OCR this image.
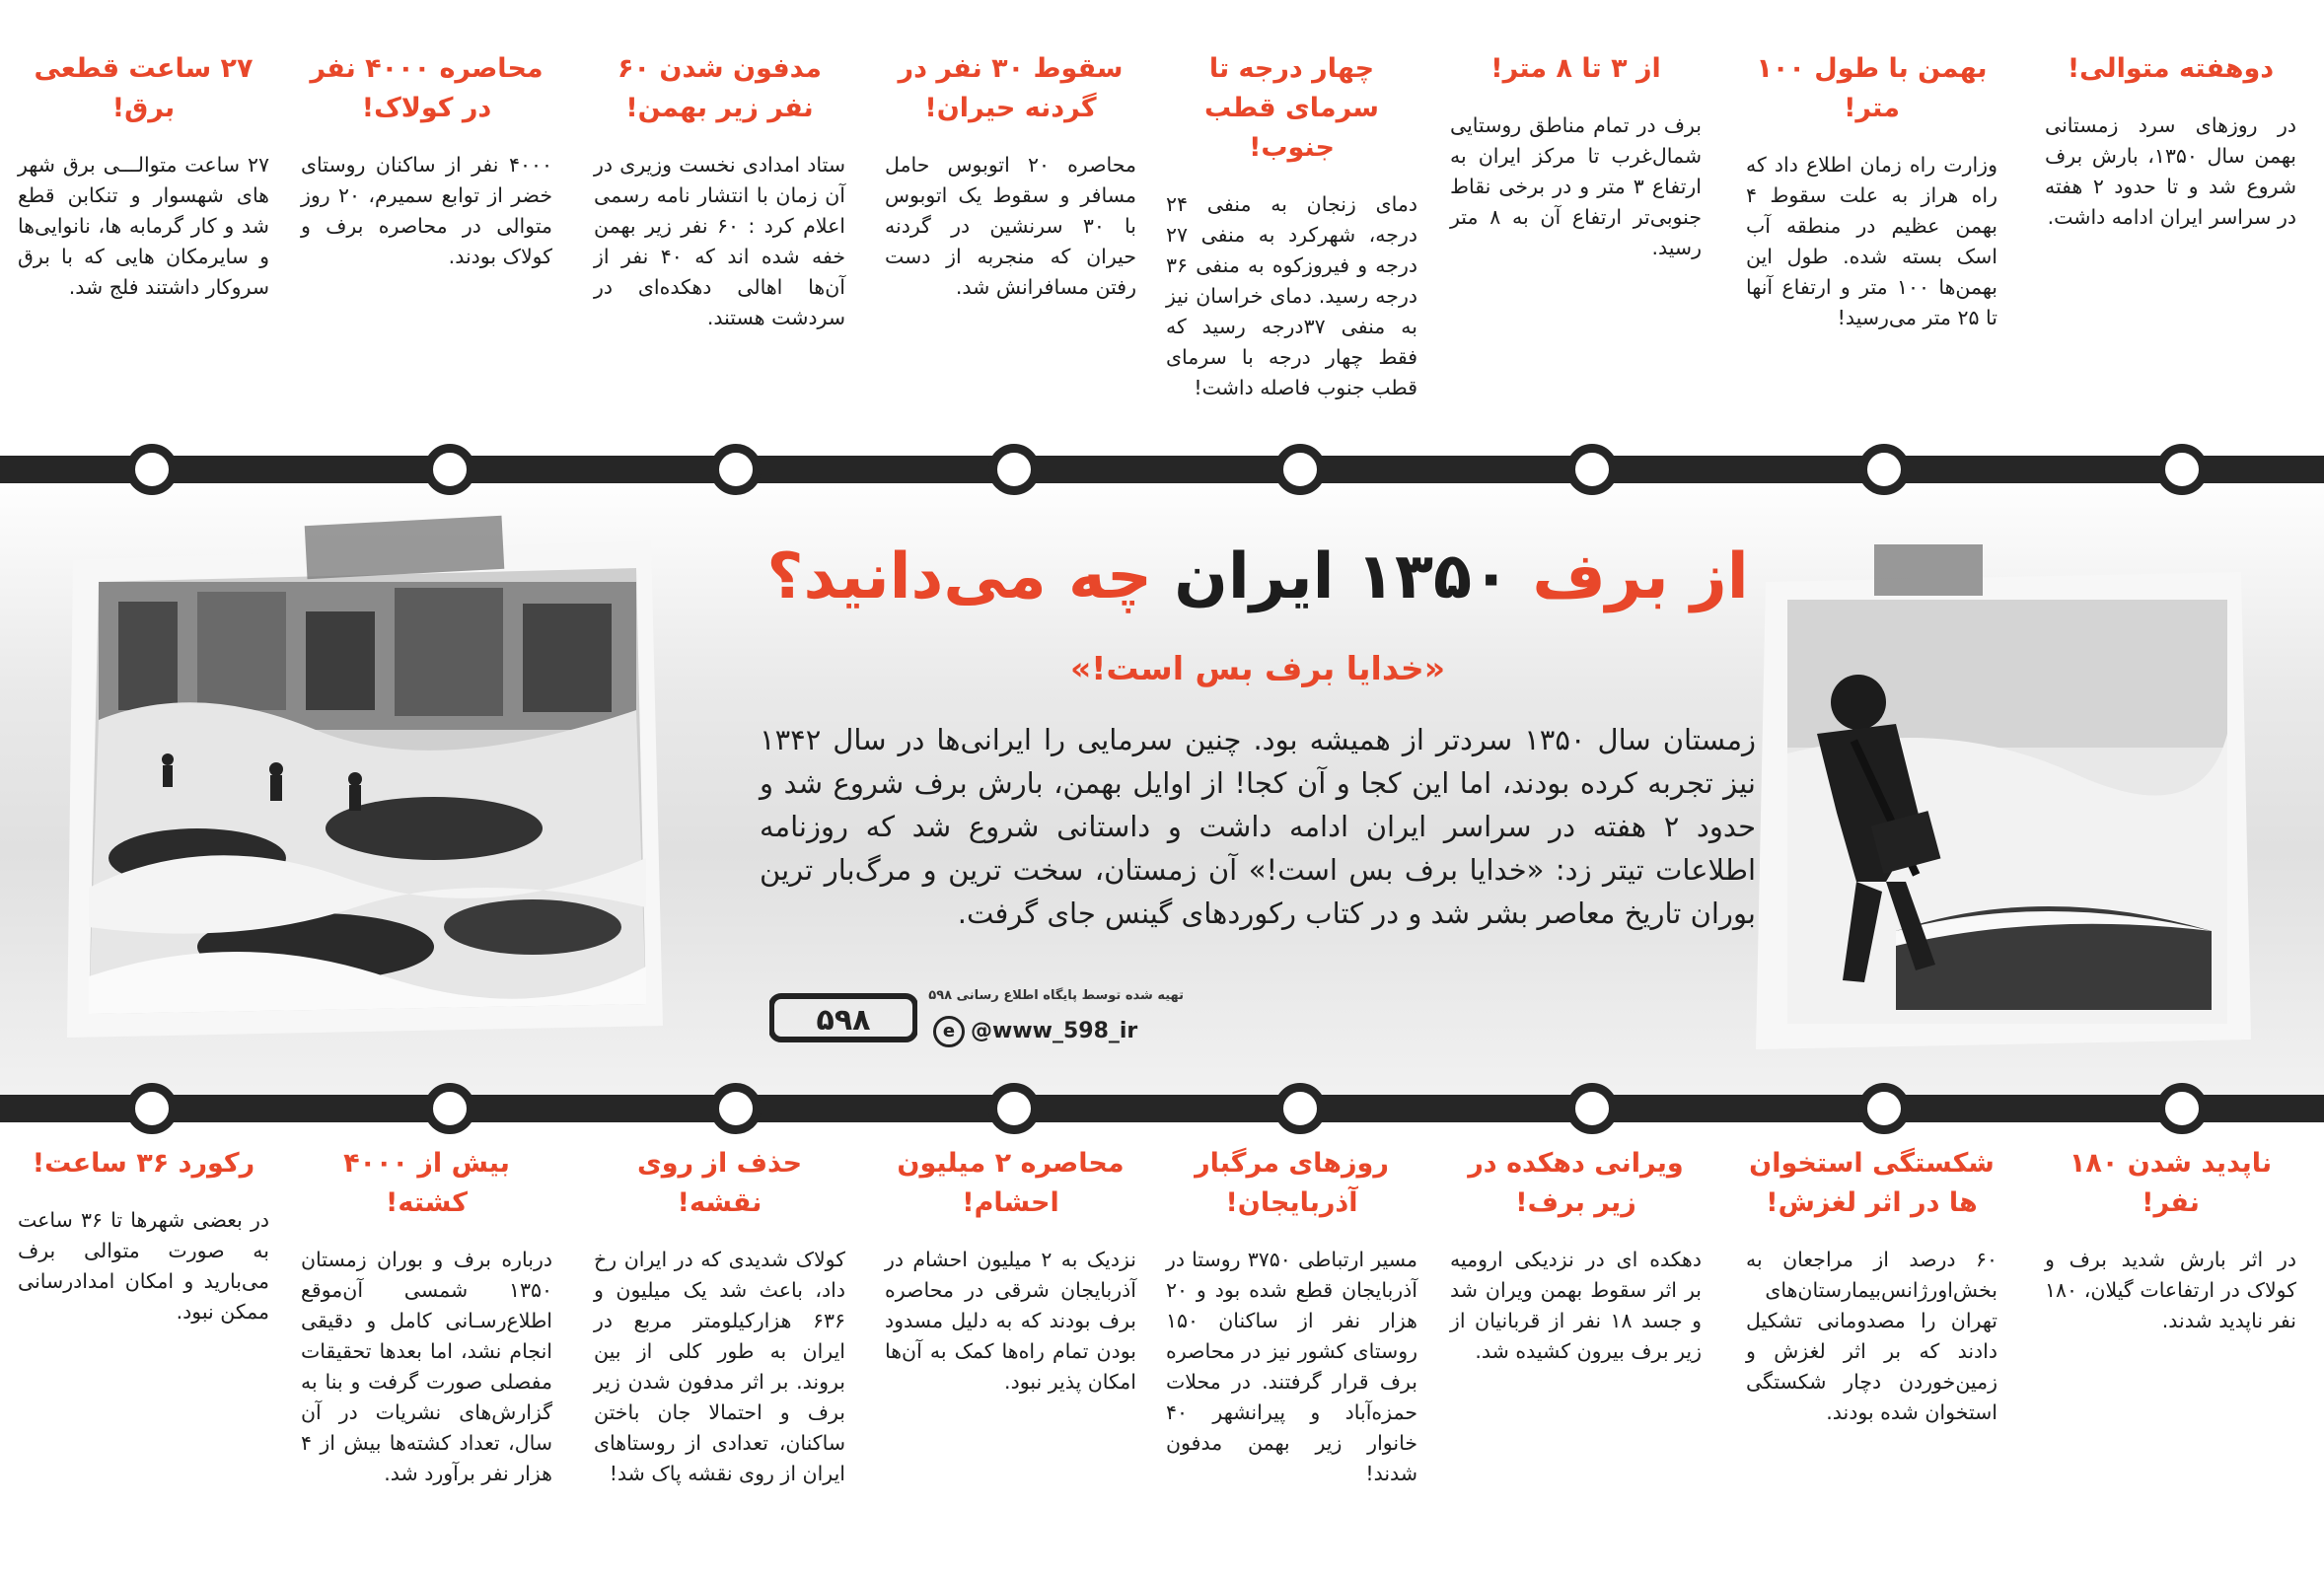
دوهفته متوالی!
در روزهای سرد زمستانی بهمن سال ۱۳۵۰، بارش برف شروع شد و تا حدود ۲ هفته در سراسر ایران ادامه داشت.
بهمن با طول ۱۰۰ متر!
وزارت راه زمان اطلاع داد که راه هراز به علت سقوط ۴ بهمن عظیم در منطقه آب اسک بسته شده. طول این بهمن‌ها ۱۰۰ متر و ارتفاع آنها تا ۲۵ متر می‌رسید!
از ۳ تا ۸ متر!
برف در تمام مناطق روستایی شمال‌غرب تا مرکز ایران به ارتفاع ۳ متر و در برخی نقاط جنوبی‌تر ارتفاع آن به ۸ متر رسید.
چهار درجه تا سرمای قطب جنوب!
دمای زنجان به منفی ۲۴ درجه، شهرکرد به منفی ۲۷ درجه و فیروزکوه به منفی ۳۶ درجه رسید. دمای خراسان نیز به منفی ۳۷درجه رسید که فقط چهار درجه با سرمای قطب جنوب فاصله داشت!
سقوط ۳۰ نفر در گردنه حیران!
محاصره ۲۰ اتوبوس حامل مسافر و سقوط یک اتوبوس با ۳۰ سرنشین در گردنه حیران که منجربه از دست رفتن مسافرانش شد.
مدفون شدن ۶۰ نفر زیر بهمن!
ستاد امدادی نخست وزیری در آن زمان با انتشار نامه رسمی اعلام کرد : ۶۰ نفر زیر بهمن خفه شده اند که ۴۰ نفر از آن‌ها اهالی دهکده‌ای در سردشت هستند.
محاصره ۴۰۰۰ نفر در کولاک!
۴۰۰۰ نفر از ساکنان روستای خضر از توابع سمیرم، ۲۰ روز متوالی در محاصره برف و کولاک بودند.
۲۷ ساعت قطعی برق!
۲۷ ساعت متوالـــی برق شهر های شهسوار و تنکابن قطع شد و کار گرمابه ها، نانوایی‌ها و سایرمکان هایی که با برق سروکار داشتند فلج شد.
از برف ۱۳۵۰ ایران چه می‌دانید؟
«خدایا برف بس است!»
زمستان سال ۱۳۵۰ سردتر از همیشه بود. چنین سرمایی را ایرانی‌ها در سال ۱۳۴۲ نیز تجربه کرده بودند، اما این کجا و آن کجا! از اوایل بهمن، بارش برف شروع شد و حدود ۲ هفته در سراسر ایران ادامه داشت و داستانی شروع شد که روزنامه اطلاعات تیتر زد: «خدایا برف بس است!» آن زمستان، سخت ترین و مرگ‌بار ترین بوران تاریخ معاصر بشر شد و در کتاب رکوردهای گینس جای گرفت.
تهیه شده توسط پایگاه اطلاع رسانی ۵۹۸
۵۹۸	e @www_598_ir
ناپدید شدن ۱۸۰ نفر!
در اثر بارش شدید برف و کولاک در ارتفاعات گیلان، ۱۸۰ نفر ناپدید شدند.
شکستگی استخوان ها در اثر لغزش!
۶۰ درصد از مراجعان به بخش‌اورژانس‌بیمارستان‌های تهران را مصدومانی تشکیل دادند که بر اثر لغزش و زمین‌خوردن دچار شکستگی استخوان شده بودند.
ویرانی دهکده در زیر برف!
دهکده ای در نزدیکی ارومیه بر اثر سقوط بهمن ویران شد و جسد ۱۸ نفر از قربانیان از زیر برف بیرون کشیده شد.
روزهای مرگبار آذربایجان!
مسیر ارتباطی ۳۷۵۰ روستا در آذربایجان قطع شده بود و ۲۰ هزار نفر از ساکنان ۱۵۰ روستای کشور نیز در محاصره برف قرار گرفتند. در محلات حمزه‌آباد و پیرانشهر ۴۰ خانوار زیر بهمن مدفون شدند!
محاصره ۲ میلیون احشام!
نزدیک به ۲ میلیون احشام در آذربایجان شرقی در محاصره برف بودند که به دلیل مسدود بودن تمام راه‌ها کمک به آن‌ها امکان پذیر نبود.
حذف از روی نقشه!
کولاک شدیدی که در ایران رخ داد، باعث شد یک میلیون و ۶۳۶ هزارکیلومتر مربع در ایران به طور کلی از بین بروند. بر اثر مدفون شدن زیر برف و احتمالا جان باختن ساکنان، تعدادی از روستاهای ایران از روی نقشه پاک شد!
بیش از ۴۰۰۰ کشته!
درباره برف و بوران زمستان ۱۳۵۰ شمسی آن‌موقع اطلاع‌رسـانی کامل و دقیقی انجام نشد، اما بعدها تحقیقات مفصلی صورت گرفت و بنا به گزارش‌های نشریات در آن سال، تعداد کشته‌ها بیش از ۴ هزار نفر برآورد شد.
رکورد ۳۶ ساعت!
در بعضی شهرها تا ۳۶ ساعت به صورت متوالی برف می‌بارید و امکان امدادرسانی ممکن نبود.
